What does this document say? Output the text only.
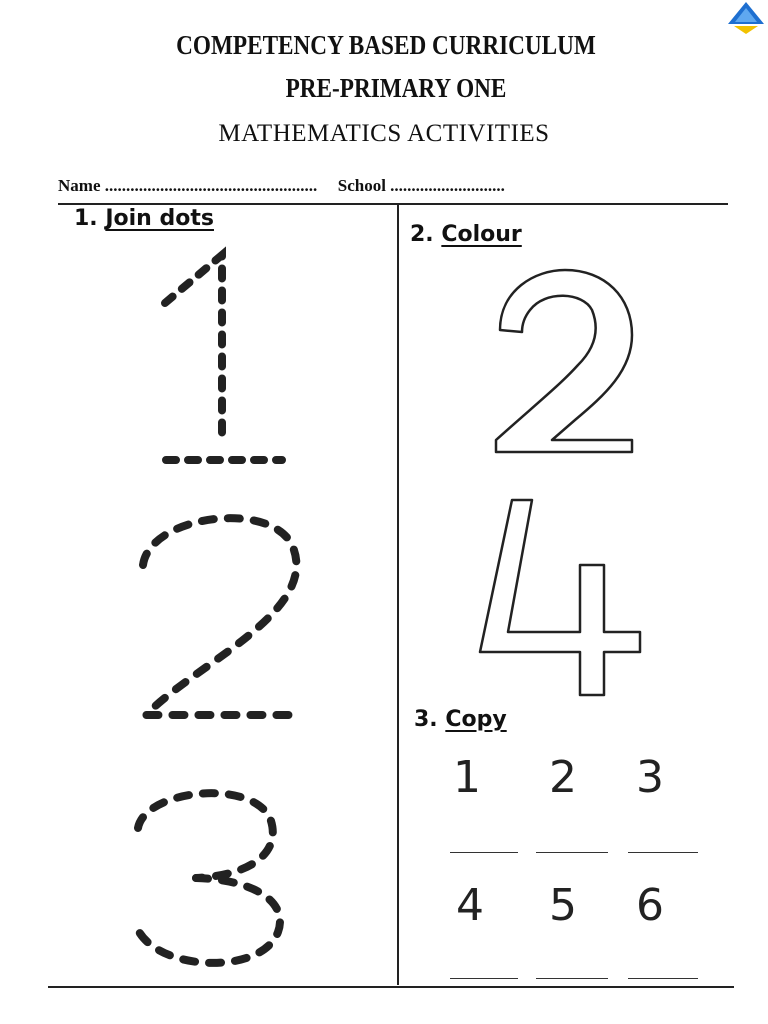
COMPETENCY BASED CURRICULUM
PRE-PRIMARY ONE
MATHEMATICS ACTIVITIES
Name .................................................. School ...........................
1. Join dots
2. Colour
3. Copy
1	2	3
4	5	6
